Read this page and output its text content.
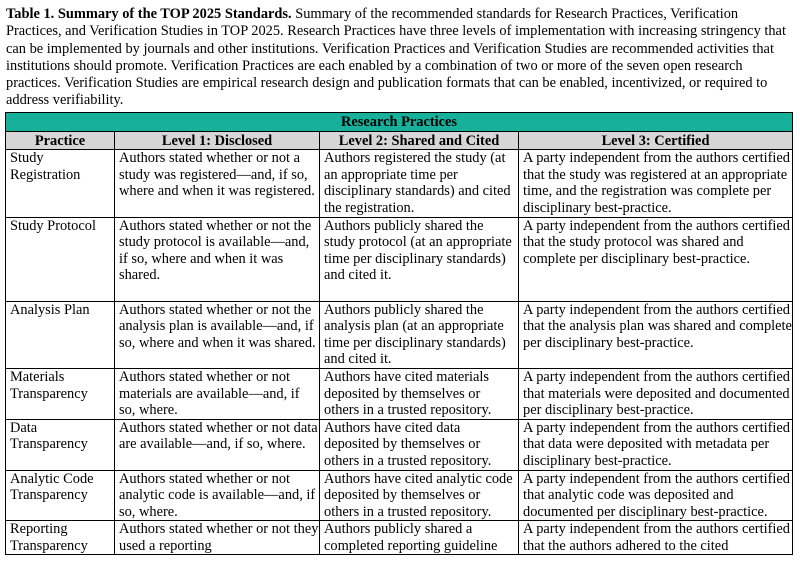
Table 1. Summary of the TOP 2025 Standards. Summary of the recommended standards for Research Practices, Verification Practices, and Verification Studies in TOP 2025. Research Practices have three levels of implementation with increasing stringency that can be implemented by journals and other institutions. Verification Practices and Verification Studies are recommended activities that institutions should promote. Verification Practices are each enabled by a combination of two or more of the seven open research practices. Verification Studies are empirical research design and publication formats that can be enabled, incentivized, or required to address verifiability.
Research Practices			
Practice	Level 1: Disclosed	Level 2: Shared and Cited	Level 3: Certified
Study Registration	Authors stated whether or not a study was registered—and, if so, where and when it was registered.	Authors registered the study (at an appropriate time per disciplinary standards) and cited the registration.	A party independent from the authors certified that the study was registered at an appropriate time, and the registration was complete per disciplinary best-practice.
Study Protocol	Authors stated whether or not the study protocol is available—and, if so, where and when it was shared.	Authors publicly shared the study protocol (at an appropriate time per disciplinary standards) and cited it.	A party independent from the authors certified that the study protocol was shared and complete per disciplinary best-practice.
Analysis Plan	Authors stated whether or not the analysis plan is available—and, if so, where and when it was shared.	Authors publicly shared the analysis plan (at an appropriate time per disciplinary standards) and cited it.	A party independent from the authors certified that the analysis plan was shared and complete per disciplinary best-practice.
Materials Transparency	Authors stated whether or not materials are available—and, if so, where.	Authors have cited materials deposited by themselves or others in a trusted repository.	A party independent from the authors certified that materials were deposited and documented per disciplinary best-practice.
Data Transparency	Authors stated whether or not data are available—and, if so, where.	Authors have cited data deposited by themselves or others in a trusted repository.	A party independent from the authors certified that data were deposited with metadata per disciplinary best-practice.
Analytic Code Transparency	Authors stated whether or not analytic code is available—and, if so, where.	Authors have cited analytic code deposited by themselves or others in a trusted repository.	A party independent from the authors certified that analytic code was deposited and documented per disciplinary best-practice.
Reporting Transparency	Authors stated whether or not they used a reporting	Authors publicly shared a completed reporting guideline	A party independent from the authors certified that the authors adhered to the cited
